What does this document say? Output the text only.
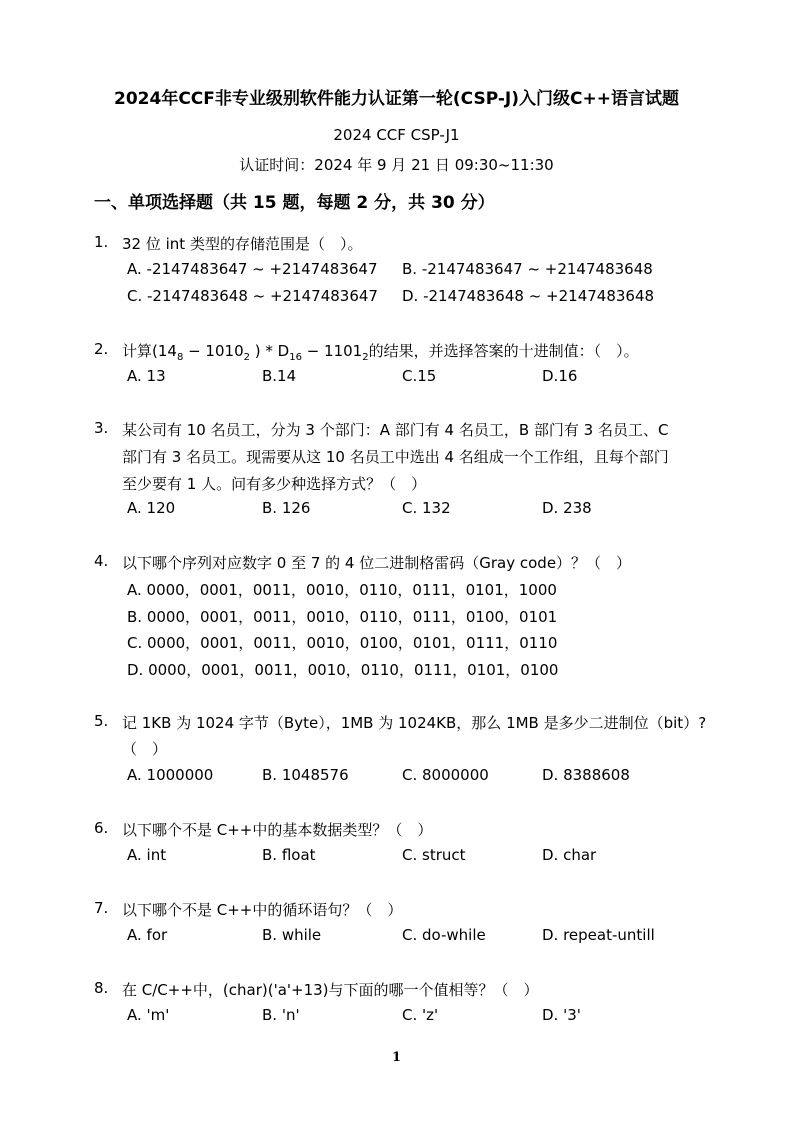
2024年CCF非专业级别软件能力认证第一轮(CSP-J)入门级C++语言试题
2024 CCF CSP-J1
认证时间：2024 年 9 月 21 日 09:30~11:30
一、单项选择题（共 15 题，每题 2 分，共 30 分）
1. 32 位 int 类型的存储范围是（　）。
A. -2147483647 ~ +2147483647 B. -2147483647 ~ +2147483648
C. -2147483648 ~ +2147483647 D. -2147483648 ~ +2147483648
2. 计算($14_8 - 1010_2$ ) * $D_{16} - 1101_2$的结果，并选择答案的十进制值：（　）。
A. 13	B.14	C.15	D.16
3. 某公司有 10 名员工，分为 3 个部门：A 部门有 4 名员工，B 部门有 3 名员工、C
部门有 3 名员工。现需要从这 10 名员工中选出 4 名组成一个工作组，且每个部门
至少要有 1 人。问有多少种选择方式？（　）
A. 120	B. 126	C. 132	D. 238
4. 以下哪个序列对应数字 0 至 7 的 4 位二进制格雷码（Gray code）？（　）
A. 0000，0001，0011，0010，0110，0111，0101，1000
B. 0000，0001，0011，0010，0110，0111，0100，0101
C. 0000，0001，0011，0010，0100，0101，0111，0110
D. 0000，0001，0011，0010，0110，0111，0101，0100
5. 记 1KB 为 1024 字节（Byte），1MB 为 1024KB，那么 1MB 是多少二进制位（bit）?
（　）
A. 1000000	B. 1048576	C. 8000000	D. 8388608
6. 以下哪个不是 C++中的基本数据类型？（　）
A. int	B. float	C. struct	D. char
7. 以下哪个不是 C++中的循环语句？（　）
A. for	B. while	C. do-while	D. repeat-untill
8. 在 C/C++中，(char)('a'+13)与下面的哪一个值相等？（　）
A. 'm'	B. 'n'	C. 'z'	D. '3'
1
